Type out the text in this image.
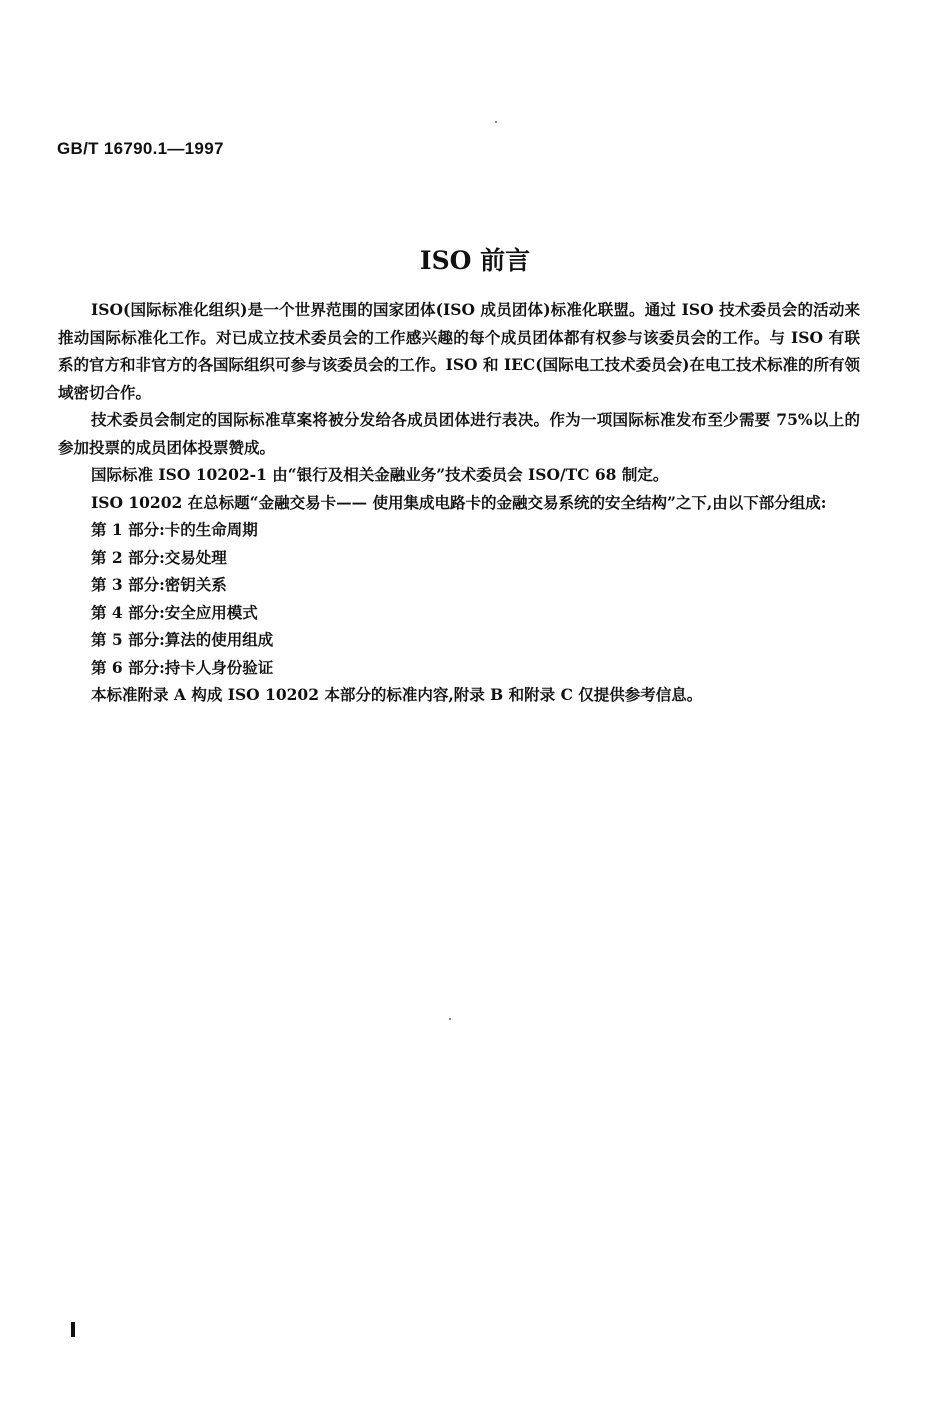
GB/T 16790.1—1997
ISO 前言

ISO(国际标准化组织)是一个世界范围的国家团体(ISO 成员团体)标准化联盟。通过 ISO 技术委员会的活动来推动国际标准化工作。对已成立技术委员会的工作感兴趣的每个成员团体都有权参与该委员会的工作。与 ISO 有联系的官方和非官方的各国际组织可参与该委员会的工作。ISO 和 IEC(国际电工技术委员会)在电工技术标准的所有领域密切合作。

技术委员会制定的国际标准草案将被分发给各成员团体进行表决。作为一项国际标准发布至少需要 75%以上的参加投票的成员团体投票赞成。

国际标准 ISO 10202-1 由“银行及相关金融业务”技术委员会 ISO/TC 68 制定。

ISO 10202 在总标题“金融交易卡—— 使用集成电路卡的金融交易系统的安全结构”之下,由以下部分组成:

第 1 部分:卡的生命周期

第 2 部分:交易处理

第 3 部分:密钥关系

第 4 部分:安全应用模式

第 5 部分:算法的使用组成

第 6 部分:持卡人身份验证

本标准附录 A 构成 ISO 10202 本部分的标准内容,附录 B 和附录 C 仅提供参考信息。
